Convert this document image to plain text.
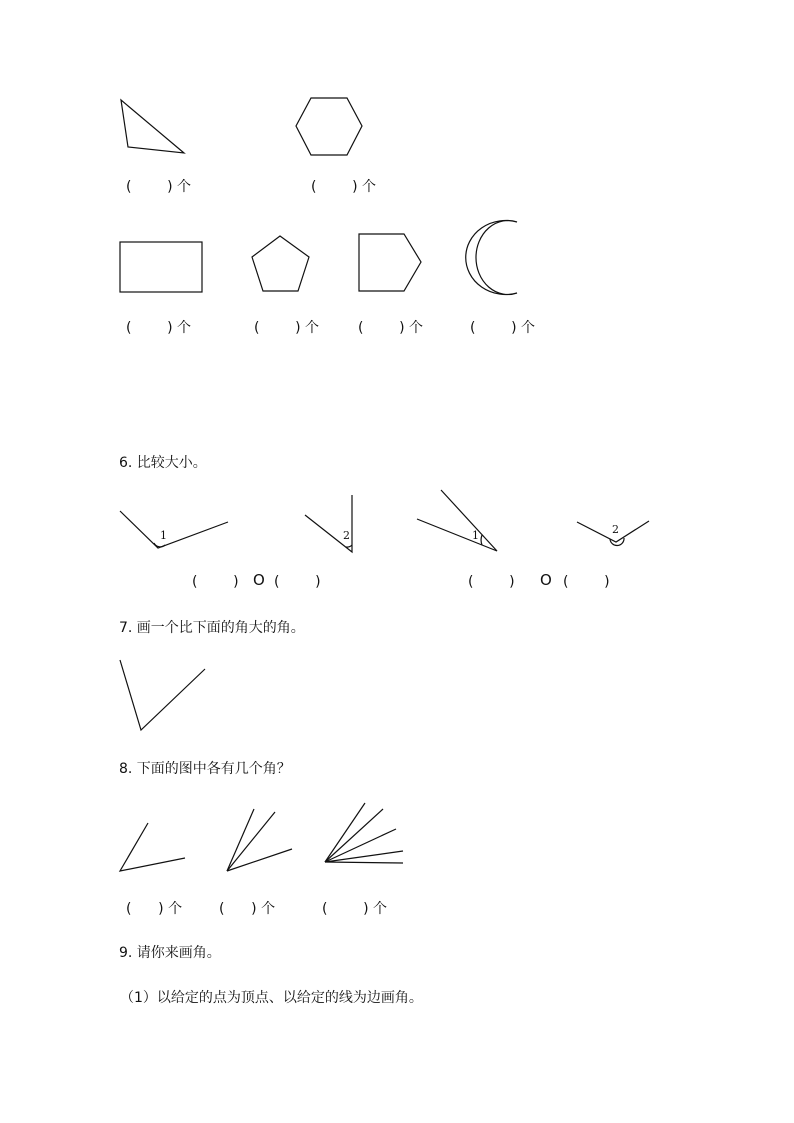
(        ) 个	(        ) 个
(        ) 个	(        ) 个	(        ) 个	(        ) 个
6. 比较大小。
1	2	1	2
(        ) O (        )	(        ) O (        )
7. 画一个比下面的角大的角。
8. 下面的图中各有几个角？
(      ) 个	(      ) 个	(        ) 个
9. 请你来画角。
（1）以给定的点为顶点、以给定的线为边画角。
